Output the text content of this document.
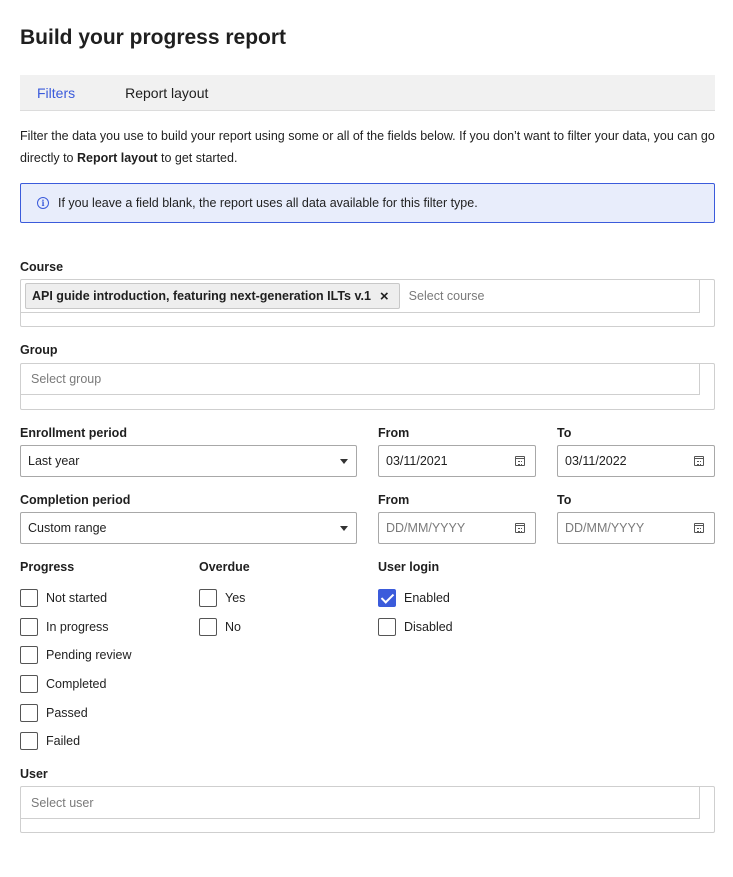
Build your progress report
Filters	Report layout
Filter the data you use to build your report using some or all of the fields below. If you don’t want to filter your data, you can go directly to Report layout to get started.
i	If you leave a field blank, the report uses all data available for this filter type.
Course
API guide introduction, featuring next-generation ILTs v.1 ×	Select course
Group
Select group
Enrollment period	From	To
Last year	03/11/2021	03/11/2022
Completion period	From	To
Custom range	DD/MM/YYYY	DD/MM/YYYY
Progress
Not started
In progress
Pending review
Completed
Passed
Failed
Overdue
Yes
No
User login
Enabled
Disabled
User
Select user
